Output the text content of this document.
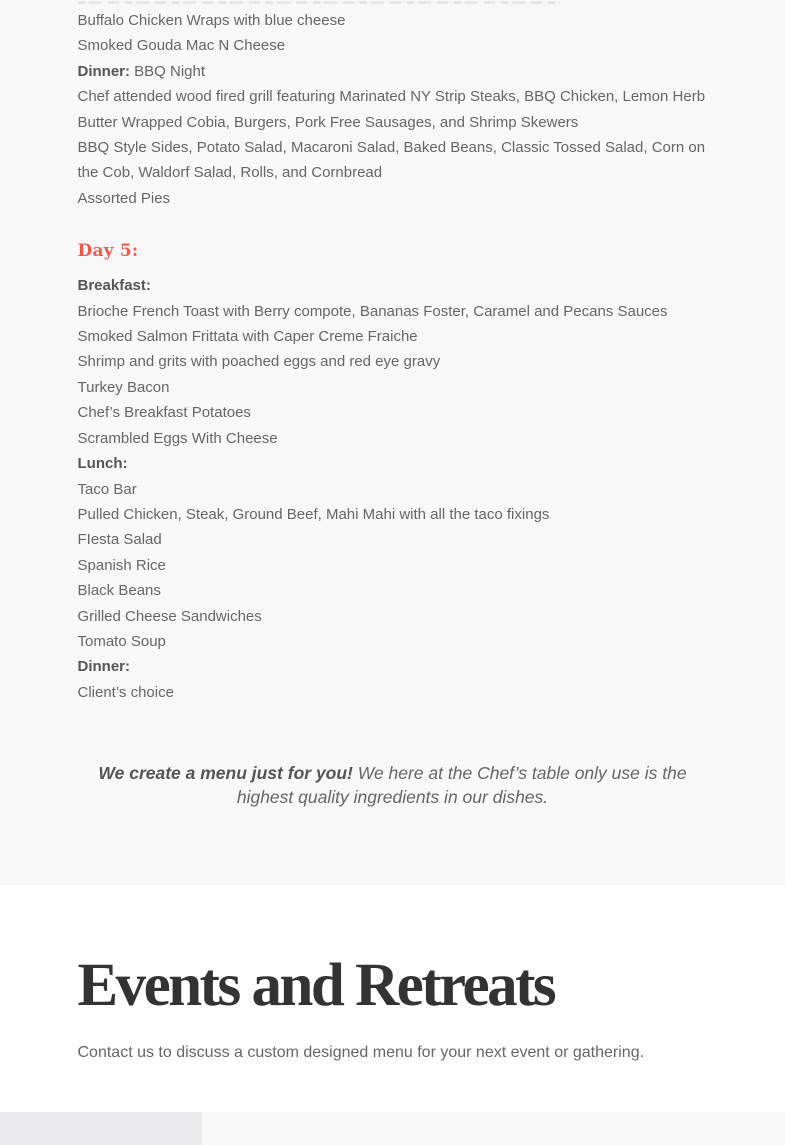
Buffalo Chicken Wraps with blue cheese
Smoked Gouda Mac N Cheese
Dinner: BBQ Night
Chef attended wood fired grill featuring Marinated NY Strip Steaks, BBQ Chicken, Lemon Herb Butter Wrapped Cobia, Burgers, Pork Free Sausages, and Shrimp Skewers
BBQ Style Sides, Potato Salad, Macaroni Salad, Baked Beans, Classic Tossed Salad, Corn on the Cob, Waldorf Salad, Rolls, and Cornbread
Assorted Pies

Day 5:

Breakfast:
Brioche French Toast with Berry compote, Bananas Foster, Caramel and Pecans Sauces
Smoked Salmon Frittata with Caper Creme Fraiche
Shrimp and grits with poached eggs and red eye gravy
Turkey Bacon
Chef’s Breakfast Potatoes
Scrambled Eggs With Cheese
Lunch:
Taco Bar
Pulled Chicken, Steak, Ground Beef, Mahi Mahi with all the taco fixings
FIesta Salad
Spanish Rice
Black Beans
Grilled Cheese Sandwiches
Tomato Soup
Dinner:
Client’s choice

We create a menu just for you! We here at the Chef’s table only use is the highest quality ingredients in our dishes.

Events and Retreats

Contact us to discuss a custom designed menu for your next event or gathering.
